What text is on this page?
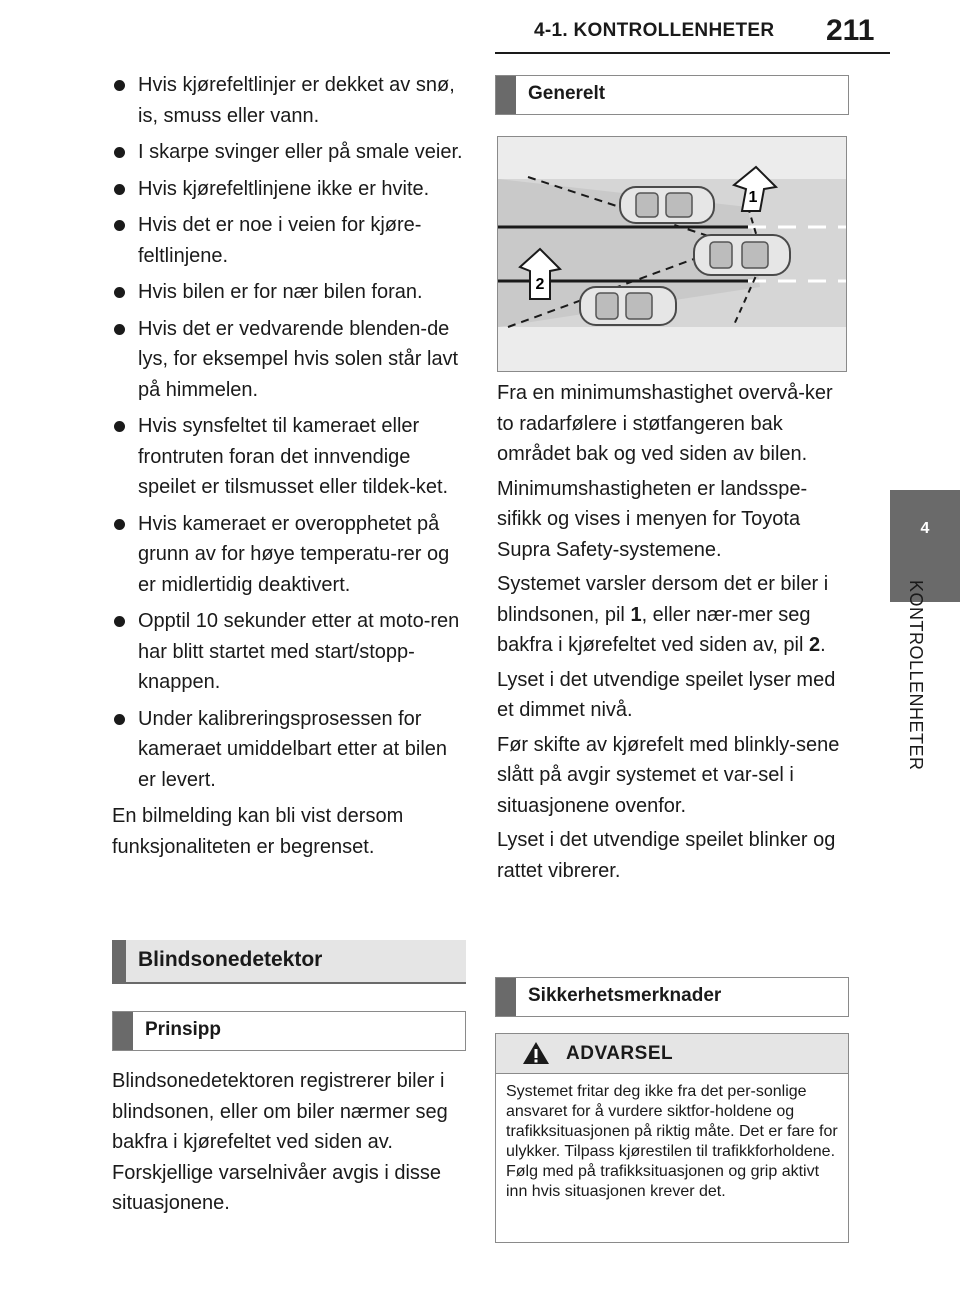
4-1. KONTROLLENHETER 211
4
KONTROLLENHETER
Hvis kjørefeltlinjer er dekket av snø, is, smuss eller vann.
I skarpe svinger eller på smale veier.
Hvis kjørefeltlinjene ikke er hvite.
Hvis det er noe i veien for kjøre-feltlinjene.
Hvis bilen er for nær bilen foran.
Hvis det er vedvarende blenden-de lys, for eksempel hvis solen står lavt på himmelen.
Hvis synsfeltet til kameraet eller frontruten foran det innvendige speilet er tilsmusset eller tildek-ket.
Hvis kameraet er overopphetet på grunn av for høye temperatu-rer og er midlertidig deaktivert.
Opptil 10 sekunder etter at moto-ren har blitt startet med start/stopp-knappen.
Under kalibreringsprosessen for kameraet umiddelbart etter at bilen er levert.

En bilmelding kan bli vist dersom funksjonaliteten er begrenset.

Blindsonedetektor
Prinsipp

Blindsonedetektoren registrerer biler i blindsonen, eller om biler nærmer seg bakfra i kjørefeltet ved siden av. Forskjellige varselnivåer avgis i disse situasjonene.

Generelt
1
2

Fra en minimumshastighet overvå-ker to radarfølere i støtfangeren bak området bak og ved siden av bilen.

Minimumshastigheten er landsspe-sifikk og vises i menyen for Toyota Supra Safety-systemene.

Systemet varsler dersom det er biler i blindsonen, pil 1, eller nær-mer seg bakfra i kjørefeltet ved siden av, pil 2.

Lyset i det utvendige speilet lyser med et dimmet nivå.

Før skifte av kjørefelt med blinkly-sene slått på avgir systemet et var-sel i situasjonene ovenfor.

Lyset i det utvendige speilet blinker og rattet vibrerer.

Sikkerhetsmerknader
ADVARSEL
Systemet fritar deg ikke fra det per-sonlige ansvaret for å vurdere siktfor-holdene og trafikksituasjonen på riktig måte. Det er fare for ulykker. Tilpass kjørestilen til trafikkforholdene. Følg med på trafikksituasjonen og grip aktivt inn hvis situasjonen krever det.
